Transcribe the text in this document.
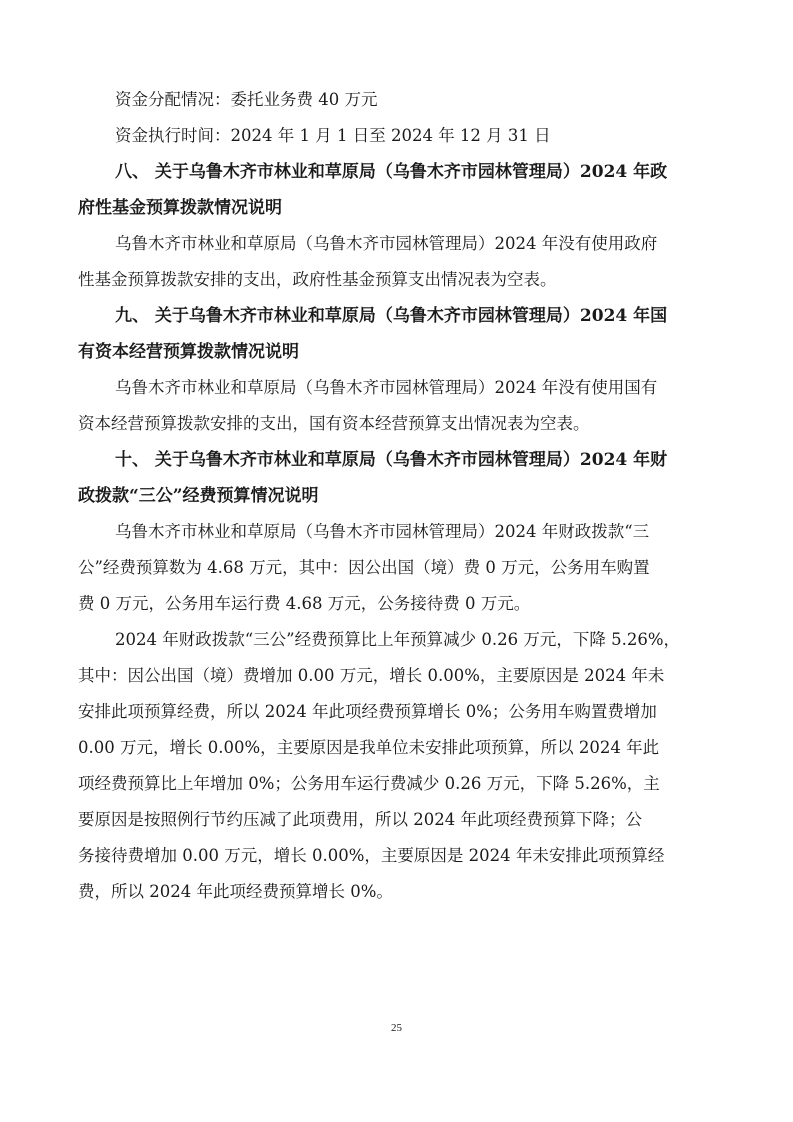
资金分配情况：委托业务费 40 万元
资金执行时间：2024 年 1 月 1 日至 2024 年 12 月 31 日
八、 关于乌鲁木齐市林业和草原局（乌鲁木齐市园林管理局）2024 年政
府性基金预算拨款情况说明
乌鲁木齐市林业和草原局（乌鲁木齐市园林管理局）2024 年没有使用政府
性基金预算拨款安排的支出，政府性基金预算支出情况表为空表。
九、 关于乌鲁木齐市林业和草原局（乌鲁木齐市园林管理局）2024 年国
有资本经营预算拨款情况说明
乌鲁木齐市林业和草原局（乌鲁木齐市园林管理局）2024 年没有使用国有
资本经营预算拨款安排的支出，国有资本经营预算支出情况表为空表。
十、 关于乌鲁木齐市林业和草原局（乌鲁木齐市园林管理局）2024 年财
政拨款“三公”经费预算情况说明
乌鲁木齐市林业和草原局（乌鲁木齐市园林管理局）2024 年财政拨款“三
公”经费预算数为 4.68 万元，其中：因公出国（境）费 0 万元，公务用车购置
费 0 万元，公务用车运行费 4.68 万元，公务接待费 0 万元。
2024 年财政拨款“三公”经费预算比上年预算减少 0.26 万元，下降 5.26%，
其中：因公出国（境）费增加 0.00 万元，增长 0.00%，主要原因是 2024 年未
安排此项预算经费，所以 2024 年此项经费预算增长 0%；公务用车购置费增加
0.00 万元，增长 0.00%，主要原因是我单位未安排此项预算，所以 2024 年此
项经费预算比上年增加 0%；公务用车运行费减少 0.26 万元，下降 5.26%，主
要原因是按照例行节约压减了此项费用，所以 2024 年此项经费预算下降；公
务接待费增加 0.00 万元，增长 0.00%，主要原因是 2024 年未安排此项预算经
费，所以 2024 年此项经费预算增长 0%。
25
